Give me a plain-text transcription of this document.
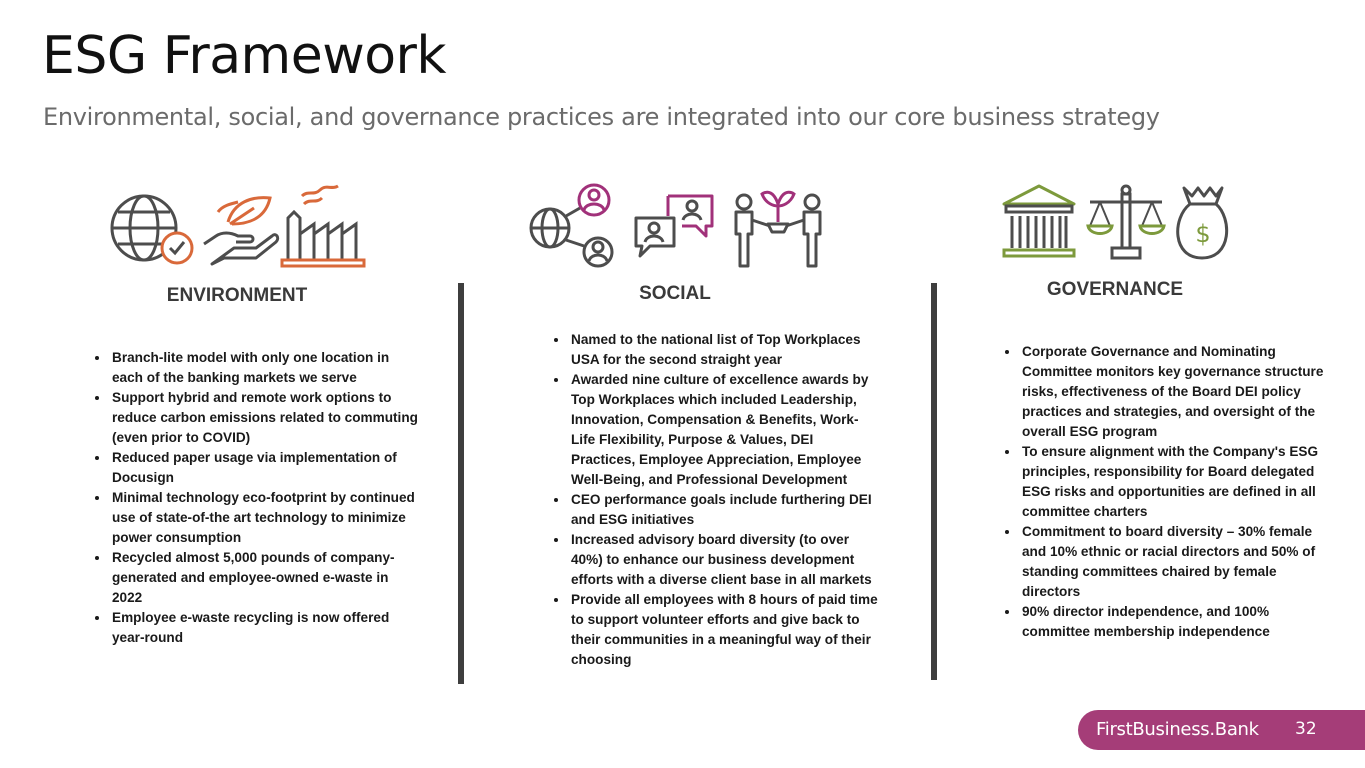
ESG Framework

Environmental, social, and governance practices are integrated into our core business strategy

$
ENVIRONMENT	SOCIAL	GOVERNANCE
• Branch-lite model with only one location in each of the banking markets we serve
• Support hybrid and remote work options to reduce carbon emissions related to commuting (even prior to COVID)
• Reduced paper usage via implementation of Docusign
• Minimal technology eco-footprint by continued use of state-of-the art technology to minimize power consumption
• Recycled almost 5,000 pounds of company-generated and employee-owned e-waste in 2022
• Employee e-waste recycling is now offered year-round
• Named to the national list of Top Workplaces USA for the second straight year
• Awarded nine culture of excellence awards by Top Workplaces which included Leadership, Innovation, Compensation & Benefits, Work-Life Flexibility, Purpose & Values, DEI Practices, Employee Appreciation, Employee Well-Being, and Professional Development
• CEO performance goals include furthering DEI and ESG initiatives
• Increased advisory board diversity (to over 40%) to enhance our business development efforts with a diverse client base in all markets
• Provide all employees with 8 hours of paid time to support volunteer efforts and give back to their communities in a meaningful way of their choosing
• Corporate Governance and Nominating Committee monitors key governance structure risks, effectiveness of the Board DEI policy practices and strategies, and oversight of the overall ESG program
• To ensure alignment with the Company's ESG principles, responsibility for Board delegated ESG risks and opportunities are defined in all committee charters
• Commitment to board diversity – 30% female and 10% ethnic or racial directors and 50% of standing committees chaired by female directors
• 90% director independence, and 100% committee membership independence
FirstBusiness.Bank 32
